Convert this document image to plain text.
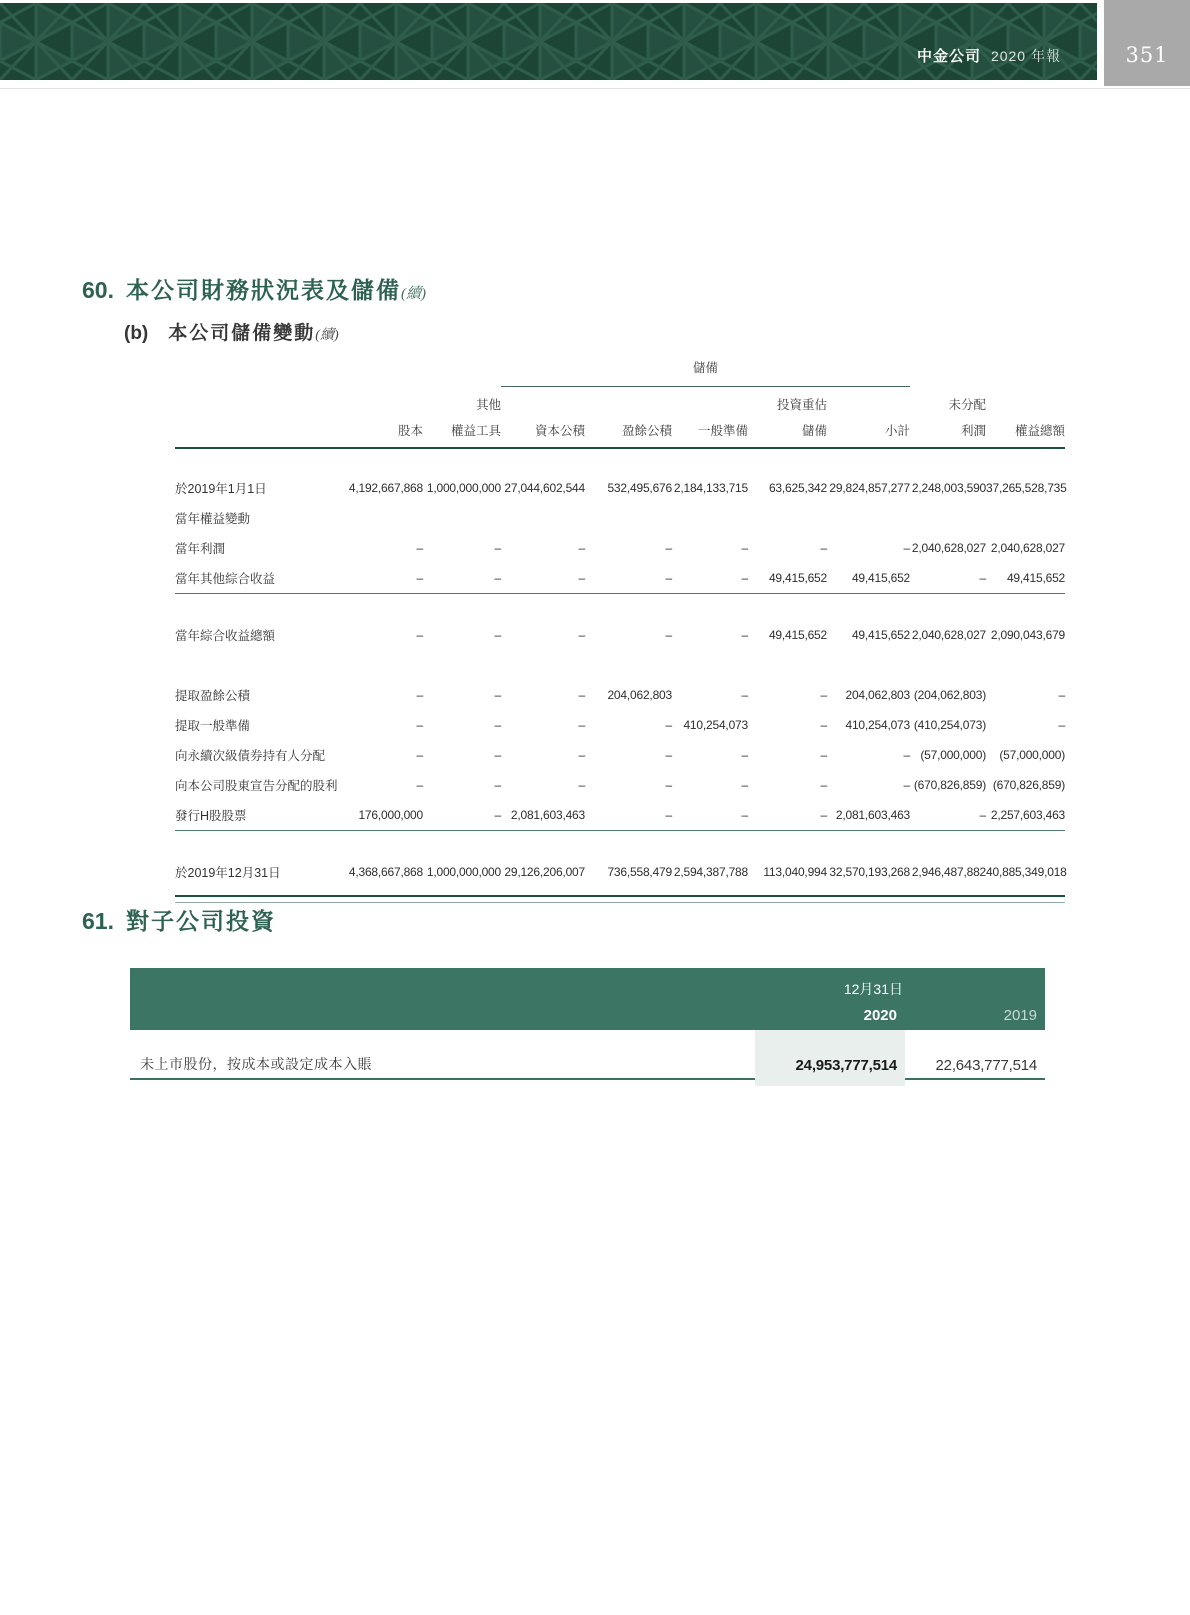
中金公司 2020 年報	351
60. 本公司財務狀況表及儲備(續)
(b) 本公司儲備變動(續)
			儲備						
		其他				投資重估		未分配	
	股本	權益工具	資本公積	盈餘公積	一般準備	儲備	小計	利潤	權益總額

於2019年1月1日	4,192,667,868	1,000,000,000	27,044,602,544	532,495,676	2,184,133,715	63,625,342	29,824,857,277	2,248,003,590	37,265,528,735
當年權益變動									
當年利潤	–	–	–	–	–	–	–	2,040,628,027	2,040,628,027
當年其他綜合收益	–	–	–	–	–	49,415,652	49,415,652	–	49,415,652

當年綜合收益總額	–	–	–	–	–	49,415,652	49,415,652	2,040,628,027	2,090,043,679

提取盈餘公積	–	–	–	204,062,803	–	–	204,062,803	(204,062,803)	–
提取一般準備	–	–	–	–	410,254,073	–	410,254,073	(410,254,073)	–
向永續次級債券持有人分配	–	–	–	–	–	–	–	(57,000,000)	(57,000,000)
向本公司股東宣告分配的股利	–	–	–	–	–	–	–	(670,826,859)	(670,826,859)
發行H股股票	176,000,000	–	2,081,603,463	–	–	–	2,081,603,463	–	2,257,603,463

於2019年12月31日	4,368,667,868	1,000,000,000	29,126,206,007	736,558,479	2,594,387,788	113,040,994	32,570,193,268	2,946,487,882	40,885,349,018
61. 對子公司投資
12月31日
2020	2019
未上市股份，按成本或設定成本入賬	24,953,777,514	22,643,777,514
